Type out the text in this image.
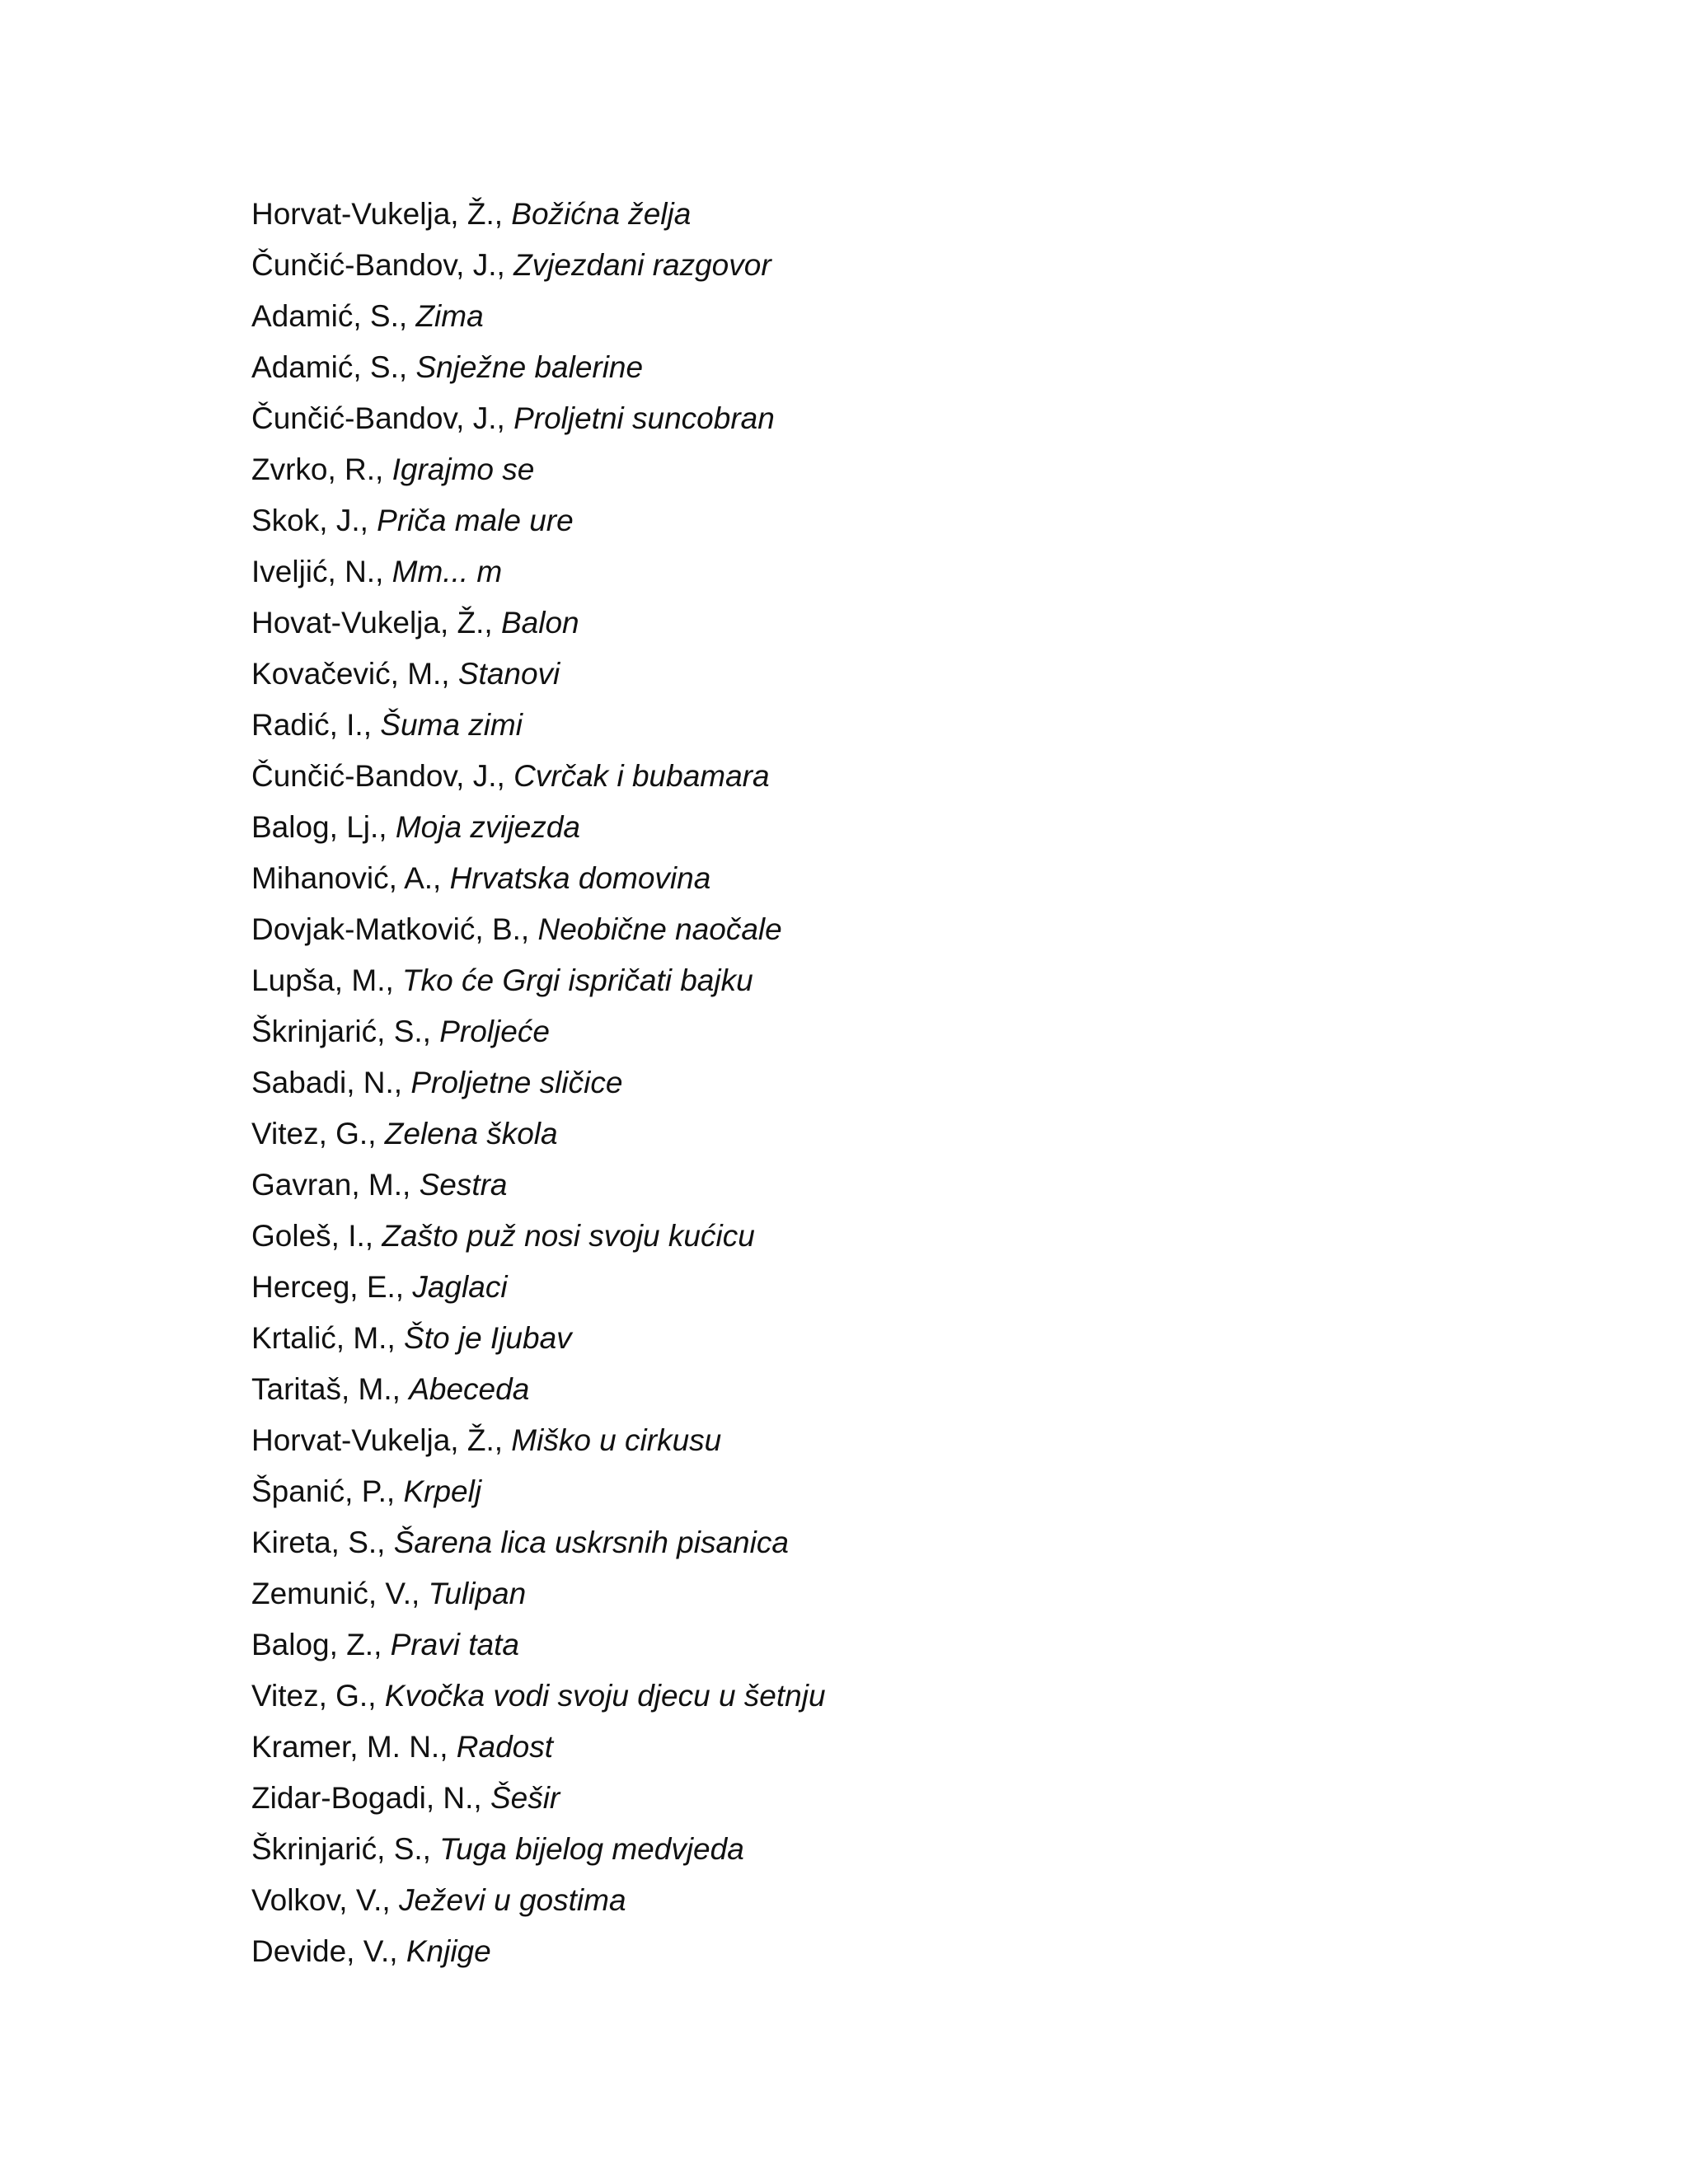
Horvat-Vukelja, Ž., Božićna želja
Čunčić-Bandov, J., Zvjezdani razgovor
Adamić, S., Zima
Adamić, S., Snježne balerine
Čunčić-Bandov, J., Proljetni suncobran
Zvrko, R., Igrajmo se
Skok, J., Priča male ure
Iveljić, N., Mm... m
Hovat-Vukelja, Ž., Balon
Kovačević, M., Stanovi
Radić, I., Šuma zimi
Čunčić-Bandov, J., Cvrčak i bubamara
Balog, Lj., Moja zvijezda
Mihanović, A., Hrvatska domovina
Dovjak-Matković, B., Neobične naočale
Lupša, M., Tko će Grgi ispričati bajku
Škrinjarić, S., Proljeće
Sabadi, N., Proljetne sličice
Vitez, G., Zelena škola
Gavran, M., Sestra
Goleš, I., Zašto puž nosi svoju kućicu
Herceg, E., Jaglaci
Krtalić, M., Što je Ijubav
Taritaš, M., Abeceda
Horvat-Vukelja, Ž., Miško u cirkusu
Španić, P., Krpelj
Kireta, S., Šarena lica uskrsnih pisanica
Zemunić, V., Tulipan
Balog, Z., Pravi tata
Vitez, G., Kvočka vodi svoju djecu u šetnju
Kramer, M. N., Radost
Zidar-Bogadi, N., Šešir
Škrinjarić, S., Tuga bijelog medvjeda
Volkov, V., Ježevi u gostima
Devide, V., Knjige
